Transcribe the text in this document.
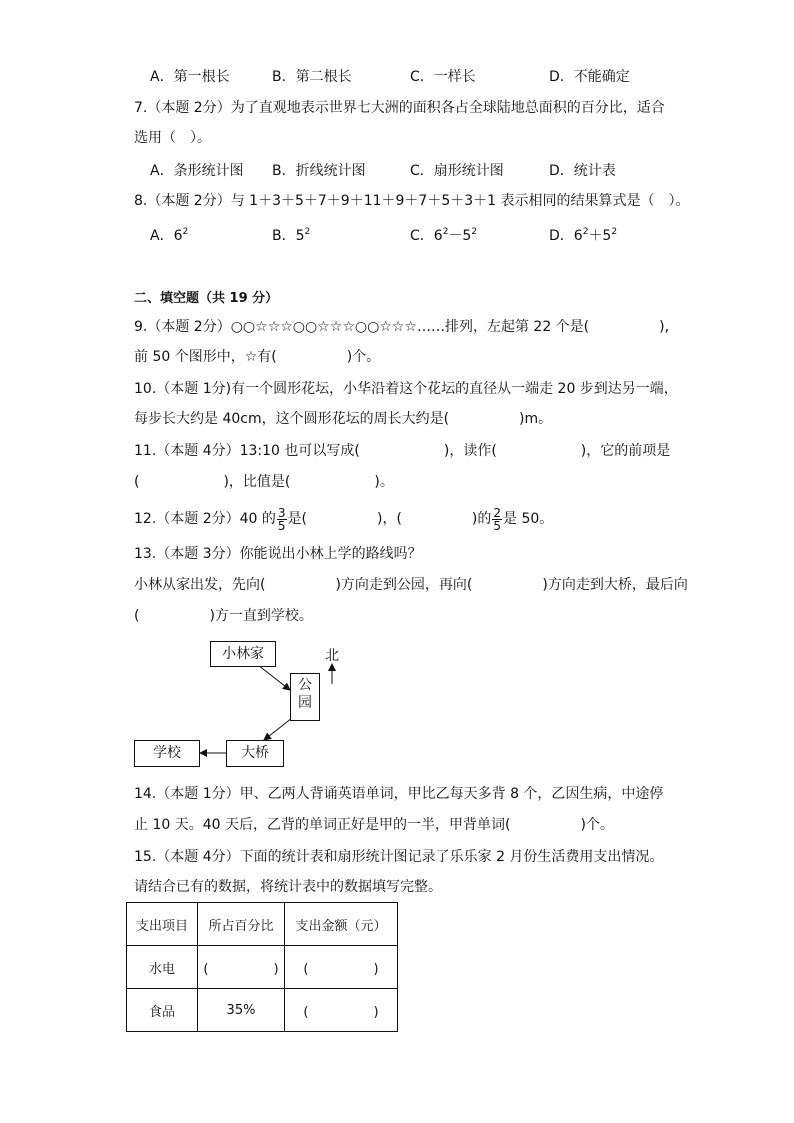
A．第一根长	B．第二根长	C．一样长	D．不能确定
7.（本题 2分）为了直观地表示世界七大洲的面积各占全球陆地总面积的百分比，适合
选用（　）。
A．条形统计图 B．折线统计图	C．扇形统计图	D．统计表
8.（本题 2分）与 1＋3＋5＋7＋9＋11＋9＋7＋5＋3＋1 表示相同的结果算式是（　）。
A．$6^2$	B．$5^2$	C．$6^2-5^2$	D．$6^2+5^2$
二、填空题（共 19 分）
9.（本题 2分）○○☆☆☆○○☆☆☆○○☆☆☆……排列，左起第 22 个是(　　　　　),
前 50 个图形中，☆有(　　　　　)个。
10.（本题 1分)有一个圆形花坛，小华沿着这个花坛的直径从一端走 20 步到达另一端，
每步长大约是 40cm，这个圆形花坛的周长大约是(　　　　　)m。
11.（本题 4分）13:10 也可以写成(　　　　　　)，读作(　　　　　　)，它的前项是
(　　　　　　)，比值是(　　　　　　)。
12.（本题 2分）40 的 $\frac{3}{5}$ 是(　　　　　)，(　　　　　)的 $\frac{2}{5}$ 是 50。
13.（本题 3分）你能说出小林上学的路线吗？
小林从家出发，先向(　　　　　)方向走到公园，再向(　　　　　)方向走到大桥，最后向
(　　　　　)方一直到学校。
小林家
公
园
大桥
学校
北
14.（本题 1分）甲、乙两人背诵英语单词，甲比乙每天多背 8 个，乙因生病，中途停
止 10 天。40 天后，乙背的单词正好是甲的一半，甲背单词(　　　　　)个。
15.（本题 4分）下面的统计表和扇形统计图记录了乐乐家 2 月份生活费用支出情况。
请结合已有的数据，将统计表中的数据填写完整。
支出项目	所占百分比	支出金额（元）
水电	(　　　　　)	(　　　　　)
食品	35%	(　　　　　)
